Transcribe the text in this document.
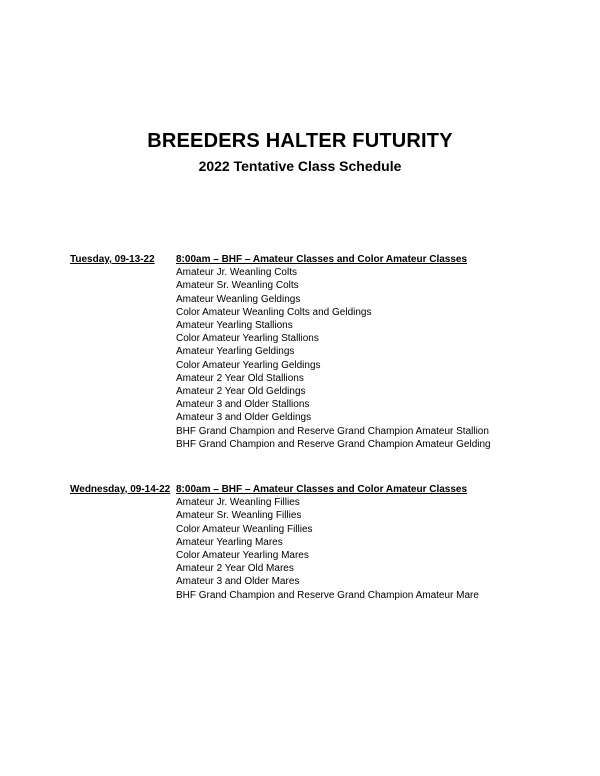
BREEDERS HALTER FUTURITY
2022 Tentative Class Schedule
Tuesday, 09-13-22 8:00am – BHF – Amateur Classes and Color Amateur Classes
Amateur Jr. Weanling Colts
Amateur Sr. Weanling Colts
Amateur Weanling Geldings
Color Amateur Weanling Colts and Geldings
Amateur Yearling Stallions
Color Amateur Yearling Stallions
Amateur Yearling Geldings
Color Amateur Yearling Geldings
Amateur 2 Year Old Stallions
Amateur 2 Year Old Geldings
Amateur 3 and Older Stallions
Amateur 3 and Older Geldings
BHF Grand Champion and Reserve Grand Champion Amateur Stallion
BHF Grand Champion and Reserve Grand Champion Amateur Gelding
Wednesday, 09-14-22 8:00am – BHF – Amateur Classes and Color Amateur Classes
Amateur Jr. Weanling Fillies
Amateur Sr. Weanling Fillies
Color Amateur Weanling Fillies
Amateur Yearling Mares
Color Amateur Yearling Mares
Amateur 2 Year Old Mares
Amateur 3 and Older Mares
BHF Grand Champion and Reserve Grand Champion Amateur Mare
